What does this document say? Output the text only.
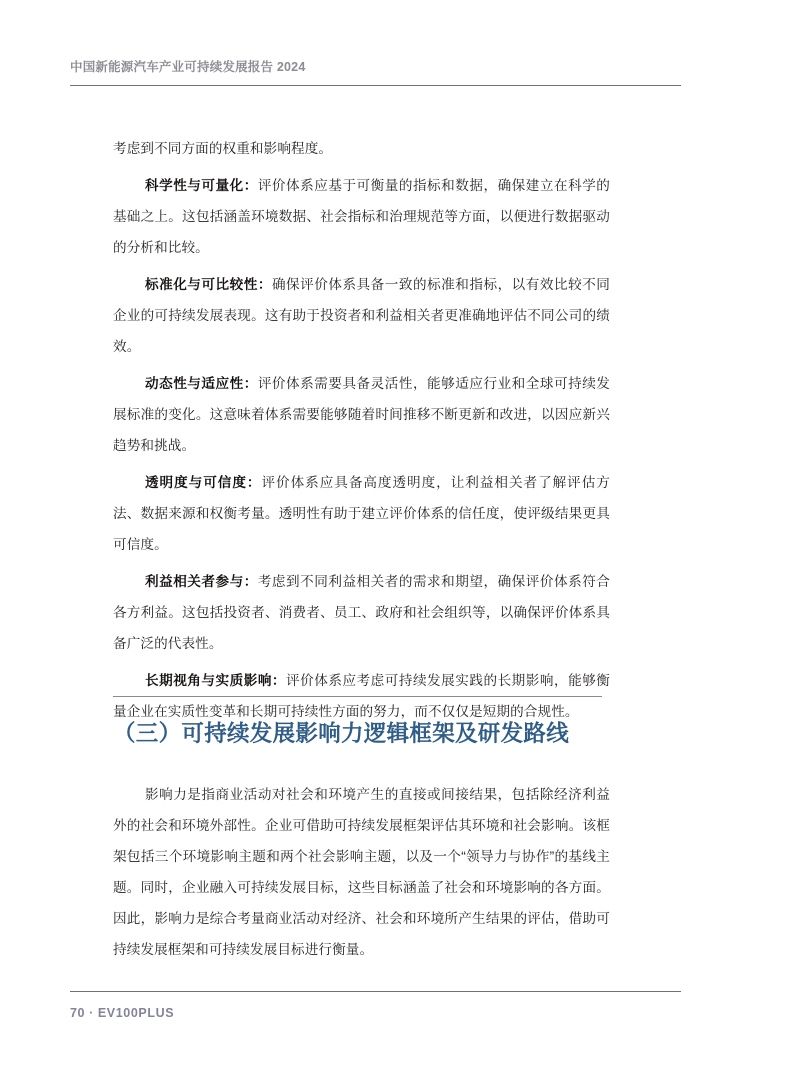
中国新能源汽车产业可持续发展报告 2024

考虑到不同方面的权重和影响程度。

科学性与可量化：评价体系应基于可衡量的指标和数据，确保建立在科学的基础之上。这包括涵盖环境数据、社会指标和治理规范等方面，以便进行数据驱动的分析和比较。

标准化与可比较性：确保评价体系具备一致的标准和指标，以有效比较不同企业的可持续发展表现。这有助于投资者和利益相关者更准确地评估不同公司的绩效。

动态性与适应性：评价体系需要具备灵活性，能够适应行业和全球可持续发展标准的变化。这意味着体系需要能够随着时间推移不断更新和改进，以因应新兴趋势和挑战。

透明度与可信度：评价体系应具备高度透明度，让利益相关者了解评估方法、数据来源和权衡考量。透明性有助于建立评价体系的信任度，使评级结果更具可信度。

利益相关者参与：考虑到不同利益相关者的需求和期望，确保评价体系符合各方利益。这包括投资者、消费者、员工、政府和社会组织等，以确保评价体系具备广泛的代表性。

长期视角与实质影响：评价体系应考虑可持续发展实践的长期影响，能够衡量企业在实质性变革和长期可持续性方面的努力，而不仅仅是短期的合规性。

（三）可持续发展影响力逻辑框架及研发路线

影响力是指商业活动对社会和环境产生的直接或间接结果，包括除经济利益外的社会和环境外部性。企业可借助可持续发展框架评估其环境和社会影响。该框架包括三个环境影响主题和两个社会影响主题，以及一个“领导力与协作”的基线主题。同时，企业融入可持续发展目标，这些目标涵盖了社会和环境影响的各方面。因此，影响力是综合考量商业活动对经济、社会和环境所产生结果的评估，借助可持续发展框架和可持续发展目标进行衡量。

70 · EV100PLUS
